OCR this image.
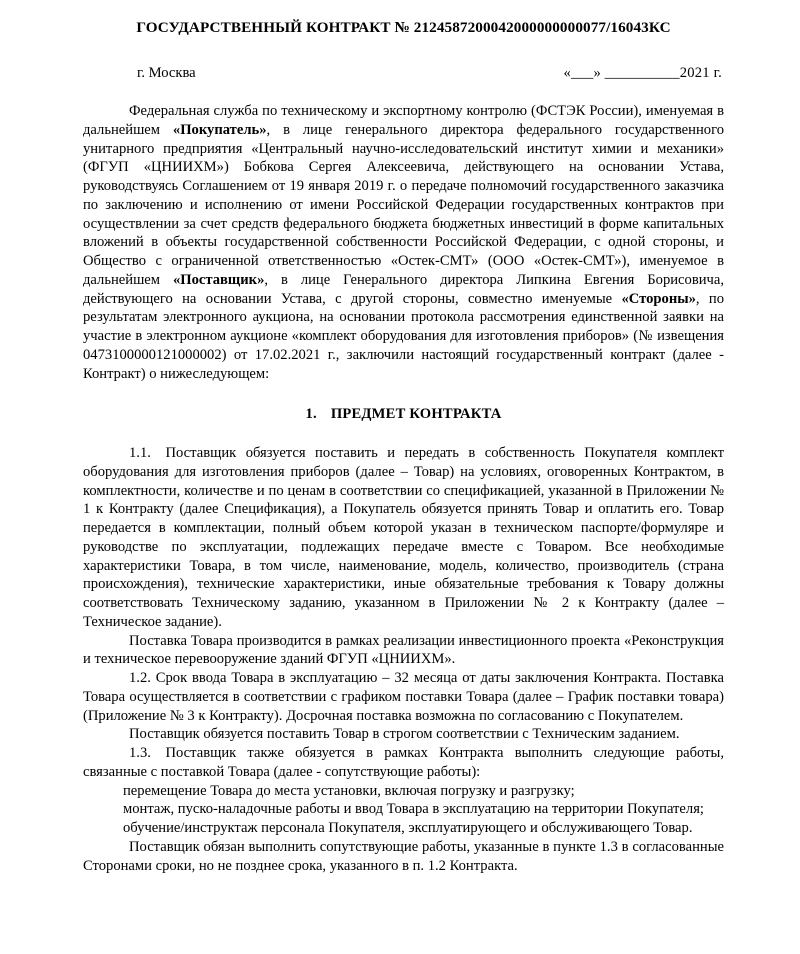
ГОСУДАРСТВЕННЫЙ КОНТРАКТ № 2124587200042000000000077/16043КС
г. Москва	«___» __________2021 г.

Федеральная служба по техническому и экспортному контролю (ФСТЭК России), именуемая в дальнейшем «Покупатель», в лице генерального директора федерального государственного унитарного предприятия «Центральный научно-исследовательский институт химии и механики» (ФГУП «ЦНИИХМ») Бобкова Сергея Алексеевича, действующего на основании Устава, руководствуясь Соглашением от 19 января 2019 г. о передаче полномочий государственного заказчика по заключению и исполнению от имени Российской Федерации государственных контрактов при осуществлении за счет средств федерального бюджета бюджетных инвестиций в форме капитальных вложений в объекты государственной собственности Российской Федерации, с одной стороны, и Общество с ограниченной ответственностью «Остек-СМТ» (ООО «Остек-СМТ»), именуемое в дальнейшем «Поставщик», в лице Генерального директора Липкина Евгения Борисовича, действующего на основании Устава, с другой стороны, совместно именуемые «Стороны», по результатам электронного аукциона, на основании протокола рассмотрения единственной заявки на участие в электронном аукционе «комплект оборудования для изготовления приборов» (№ извещения 0473100000121000002) от 17.02.2021 г., заключили настоящий государственный контракт (далее - Контракт) о нижеследующем:

1. ПРЕДМЕТ КОНТРАКТА

1.1. Поставщик обязуется поставить и передать в собственность Покупателя комплект оборудования для изготовления приборов (далее – Товар) на условиях, оговоренных Контрактом, в комплектности, количестве и по ценам в соответствии со спецификацией, указанной в Приложении № 1 к Контракту (далее Спецификация), а Покупатель обязуется принять Товар и оплатить его. Товар передается в комплектации, полный объем которой указан в техническом паспорте/формуляре и руководстве по эксплуатации, подлежащих передаче вместе с Товаром. Все необходимые характеристики Товара, в том числе, наименование, модель, количество, производитель (страна происхождения), технические характеристики, иные обязательные требования к Товару должны соответствовать Техническому заданию, указанном в Приложении № 2 к Контракту (далее – Техническое задание).

Поставка Товара производится в рамках реализации инвестиционного проекта «Реконструкция и техническое перевооружение зданий ФГУП «ЦНИИХМ».

1.2. Срок ввода Товара в эксплуатацию – 32 месяца от даты заключения Контракта. Поставка Товара осуществляется в соответствии с графиком поставки Товара (далее – График поставки товара) (Приложение № 3 к Контракту). Досрочная поставка возможна по согласованию с Покупателем.

Поставщик обязуется поставить Товар в строгом соответствии с Техническим заданием.

1.3. Поставщик также обязуется в рамках Контракта выполнить следующие работы, связанные с поставкой Товара (далее - сопутствующие работы):

перемещение Товара до места установки, включая погрузку и разгрузку;

монтаж, пуско-наладочные работы и ввод Товара в эксплуатацию на территории Покупателя;

обучение/инструктаж персонала Покупателя, эксплуатирующего и обслуживающего Товар.

Поставщик обязан выполнить сопутствующие работы, указанные в пункте 1.3 в согласованные Сторонами сроки, но не позднее срока, указанного в п. 1.2 Контракта.
